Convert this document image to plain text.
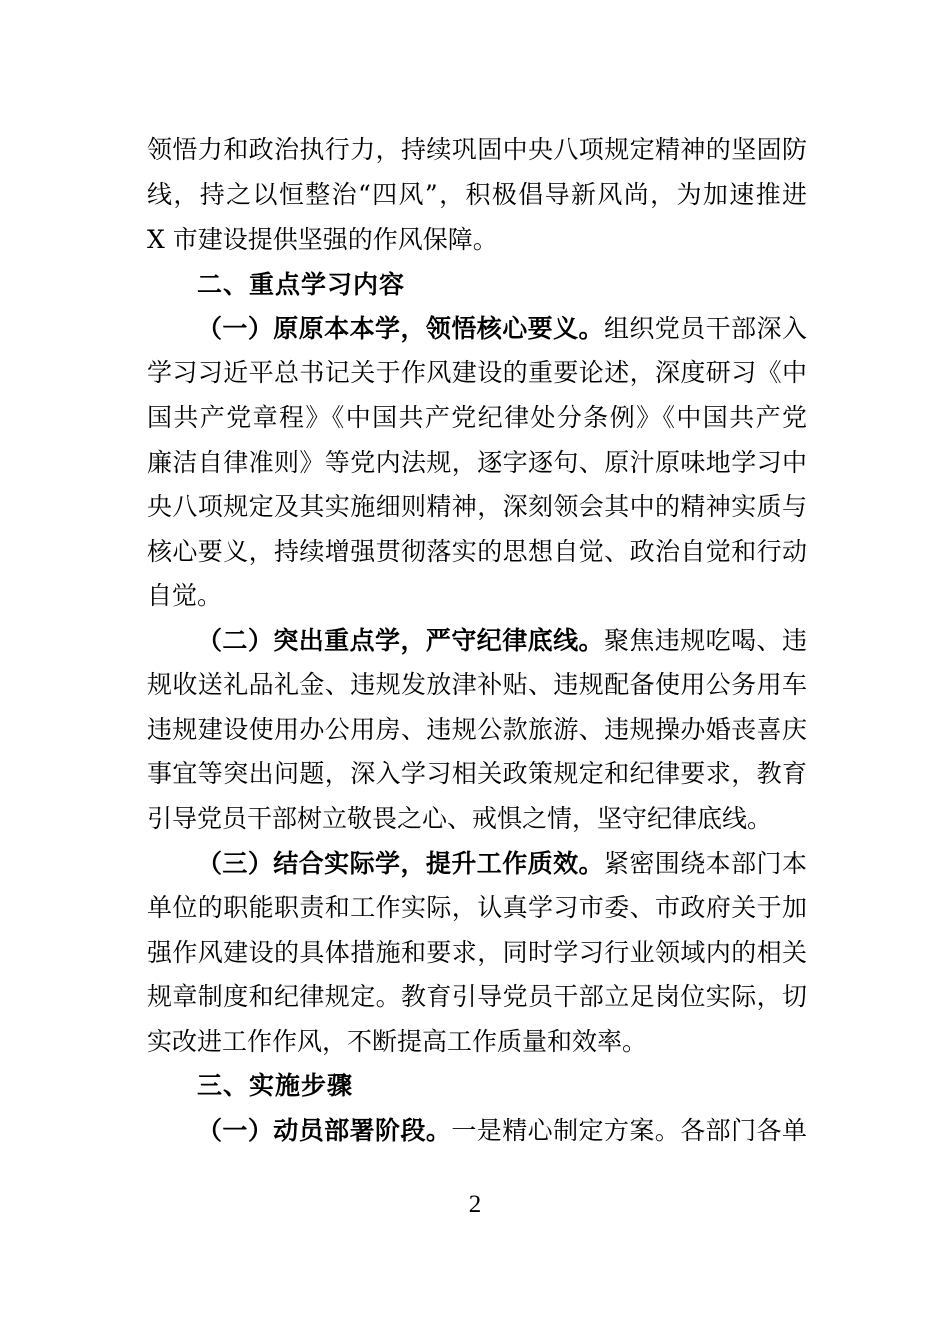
领悟力和政治执行力，持续巩固中央八项规定精神的坚固防
线，持之以恒整治“四风”，积极倡导新风尚，为加速推进
X 市建设提供坚强的作风保障。
二、重点学习内容
（一）原原本本学，领悟核心要义。组织党员干部深入
学习习近平总书记关于作风建设的重要论述，深度研习《中
国共产党章程》《中国共产党纪律处分条例》《中国共产党
廉洁自律准则》等党内法规，逐字逐句、原汁原味地学习中
央八项规定及其实施细则精神，深刻领会其中的精神实质与
核心要义，持续增强贯彻落实的思想自觉、政治自觉和行动
自觉。
（二）突出重点学，严守纪律底线。聚焦违规吃喝、违
规收送礼品礼金、违规发放津补贴、违规配备使用公务用车
违规建设使用办公用房、违规公款旅游、违规操办婚丧喜庆
事宜等突出问题，深入学习相关政策规定和纪律要求，教育
引导党员干部树立敬畏之心、戒惧之情，坚守纪律底线。
（三）结合实际学，提升工作质效。紧密围绕本部门本
单位的职能职责和工作实际，认真学习市委、市政府关于加
强作风建设的具体措施和要求，同时学习行业领域内的相关
规章制度和纪律规定。教育引导党员干部立足岗位实际，切
实改进工作作风，不断提高工作质量和效率。
三、实施步骤
（一）动员部署阶段。一是精心制定方案。各部门各单
2
